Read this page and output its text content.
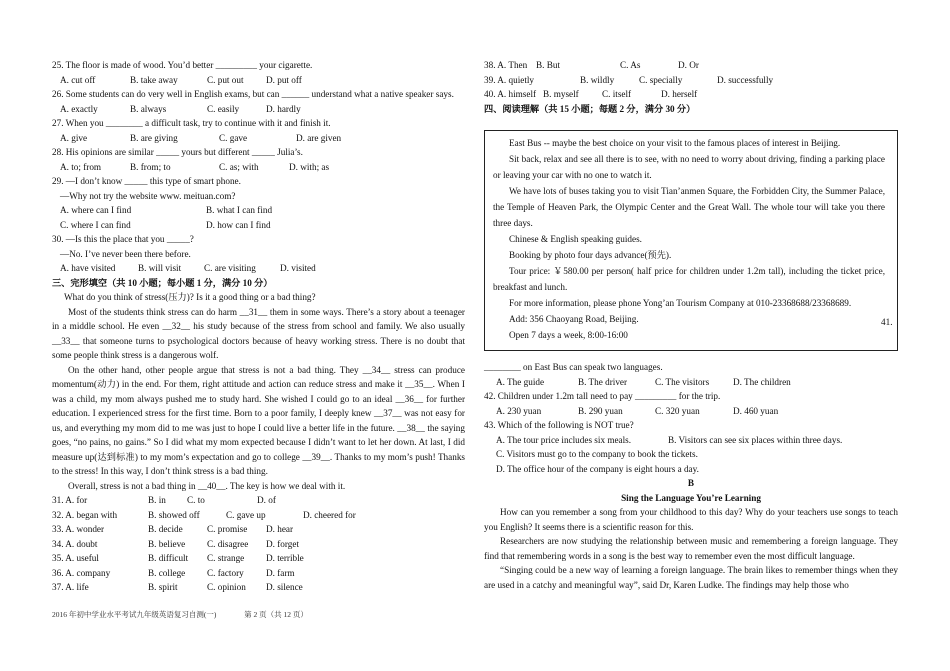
25. The floor is made of wood. You’d better _________ your cigarette.
A. cut off	B. take away	C. put out	D. put off
26. Some students can do very well in English exams, but can ______ understand what a native speaker says.
A. exactly	B. always	C. easily	D. hardly
27. When you ________ a difficult task, try to continue with it and finish it.
A. give	B. are giving	C. gave	D. are given
28. His opinions are similar _____ yours but different _____ Julia’s.
A. to; from	B. from; to	C. as; with	D. with; as
29. —I don’t know _____ this type of smart phone.
—Why not try the website www. meituan.com?
A. where can I find	B. what I can find
C. where I can find	D. how can I find
30. —Is this the place that you _____?
—No. I’ve never been there before.
A. have visited	B. will visit	C. are visiting	D. visited
三、完形填空（共 10 小题；每小题 1 分，满分 10 分）
What do you think of stress(压力)? Is it a good thing or a bad thing?
Most of the students think stress can do harm __31__ them in some ways. There’s a story about a teenager in a middle school. He even __32__ his study because of the stress from school and family. We also usually __33__ that someone turns to psychological doctors because of heavy working stress. There is no doubt that some people think stress is a dangerous wolf.
On the other hand, other people argue that stress is not a bad thing. They __34__ stress can produce momentum(动力) in the end. For them, right attitude and action can reduce stress and make it __35__. When I was a child, my mom always pushed me to study hard. She wished I could go to an ideal __36__ for further education. I experienced stress for the first time. Born to a poor family, I deeply knew __37__ was not easy for us, and everything my mom did to me was just to hope I could live a better life in the future. __38__ the saying goes, “no pains, no gains.” So I did what my mom expected because I didn’t want to let her down. At last, I did measure up(达到标准) to my mom’s expectation and go to college __39__. Thanks to my mom’s push! Thanks to the stress! In this way, I don’t think stress is a bad thing.
Overall, stress is not a bad thing in __40__. The key is how we deal with it.
31. A. for	B. in	C. to	D. of
32. A. began with	B. showed off	C. gave up	D. cheered for
33. A. wonder	B. decide	C. promise	D. hear
34. A. doubt	B. believe	C. disagree	D. forget
35. A. useful	B. difficult	C. strange	D. terrible
36. A. company	B. college	C. factory	D. farm
37. A. life	B. spirit	C. opinion	D. silence
38. A. Then B. But	C. As	D. Or
39. A. quietly	B. wildly	C. specially	D. successfully
40. A. himself B. myself	C. itself	D. herself
四、阅读理解（共 15 小题；每题 2 分，满分 30 分）
East Bus -- maybe the best choice on your visit to the famous places of interest in Beijing.
Sit back, relax and see all there is to see, with no need to worry about driving, finding a parking place or leaving your car with no one to watch it.
We have lots of buses taking you to visit Tian’anmen Square, the Forbidden City, the Summer Palace, the Temple of Heaven Park, the Olympic Center and the Great Wall. The whole tour will take you there three days.
Chinese & English speaking guides.
Booking by photo four days advance(预先).
Tour price: ￥580.00 per person( half price for children under 1.2m tall), including the ticket price, breakfast and lunch.
For more information, please phone Yong’an Tourism Company at 010-23368688/23368689.
Add: 356 Chaoyang Road, Beijing.
Open 7 days a week, 8:00-16:00
________ on East Bus can speak two languages.
A. The guide	B. The driver	C. The visitors	D. The children
42. Children under 1.2m tall need to pay _________ for the trip.
A. 230 yuan	B. 290 yuan	C. 320 yuan	D. 460 yuan
43. Which of the following is NOT true?
A. The tour price includes six meals.	B. Visitors can see six places within three days.
C. Visitors must go to the company to book the tickets.
D. The office hour of the company is eight hours a day.
B
Sing the Language You’re Learning
How can you remember a song from your childhood to this day? Why do your teachers use songs to teach you English? It seems there is a scientific reason for this.
Researchers are now studying the relationship between music and remembering a foreign language. They find that remembering words in a song is the best way to remember even the most difficult language.
“Singing could be a new way of learning a foreign language. The brain likes to remember things when they are used in a catchy and meaningful way”, said Dr, Karen Ludke. The findings may help those who
41.
2016 年初中学业水平考试九年级英语复习自测(一)	第 2 页（共 12 页）
